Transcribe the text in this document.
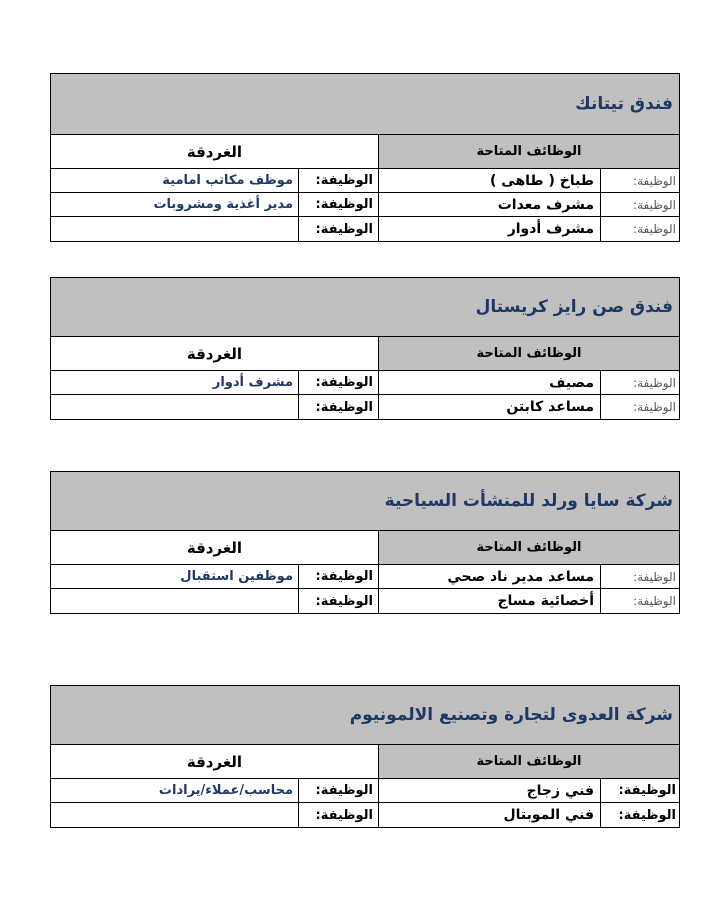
فندق تيتانك
الغردقة	الوظائف المتاحة
موظف مكاتب امامية الوظيفة:	طباخ ( طاهى )	الوظيفة:
مدير أغذية ومشروبات الوظيفة:	مشرف معدات	الوظيفة:
الوظيفة:	مشرف أدوار	الوظيفة:
فندق صن رايز كريستال
الغردقة	الوظائف المتاحة
مشرف أدوار الوظيفة:	مصيف	الوظيفة:
الوظيفة:	مساعد كابتن	الوظيفة:
شركة سايا ورلد للمنشأت السياحية
الغردقة	الوظائف المتاحة
موظفين استقبال الوظيفة:	مساعد مدير ناد صحي	الوظيفة:
الوظيفة:	أخصائية مساج	الوظيفة:
شركة العدوى لتجارة وتصنيع الالمونيوم
الغردقة	الوظائف المتاحة
محاسب/عملاء/يرادات الوظيفة:	فني زجاج الوظيفة:
الوظيفة:	فني الموبتال الوظيفة:
